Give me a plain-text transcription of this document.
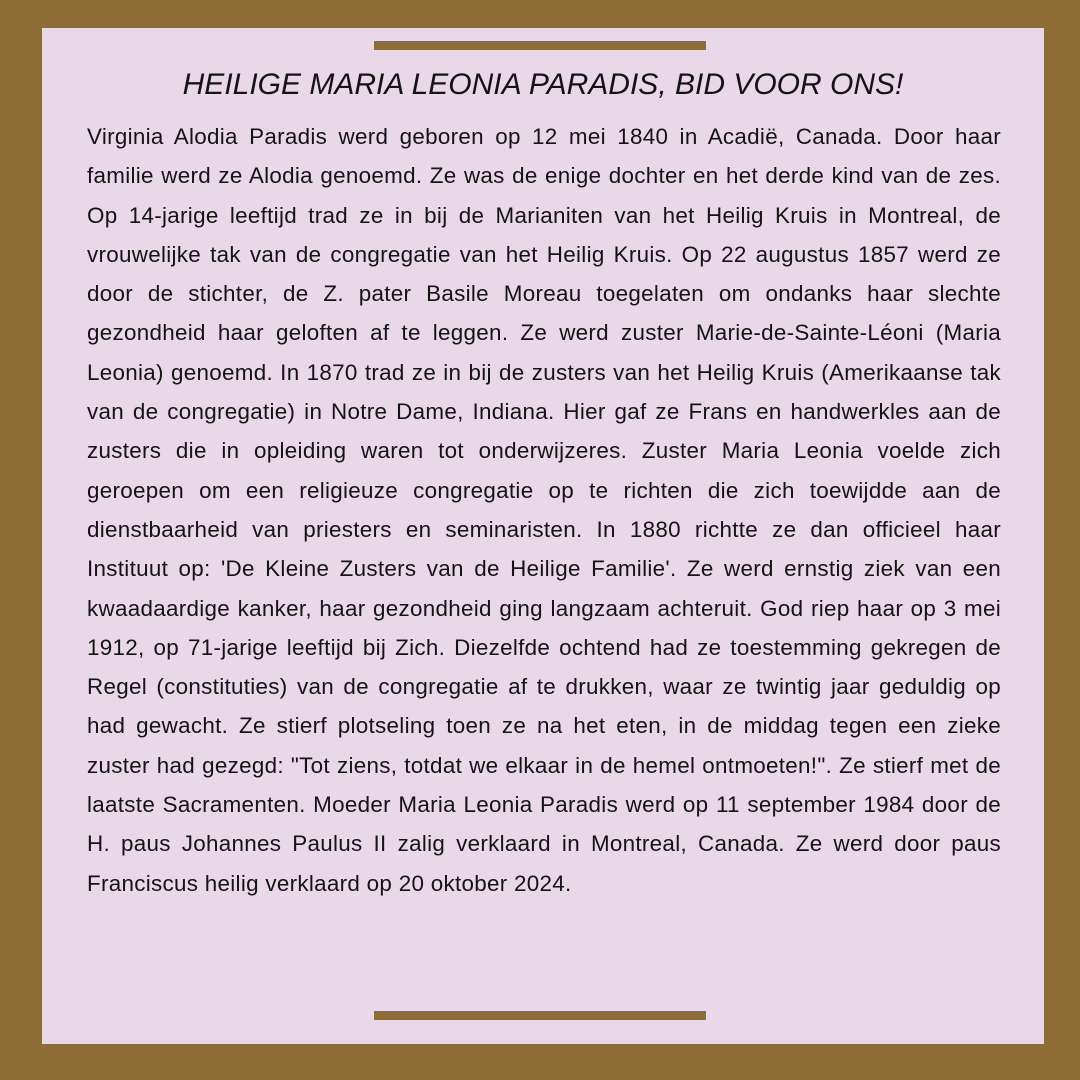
HEILIGE MARIA LEONIA PARADIS, BID VOOR ONS!

Virginia Alodia Paradis werd geboren op 12 mei 1840 in Acadië, Canada. Door haar familie werd ze Alodia genoemd. Ze was de enige dochter en het derde kind van de zes. Op 14-jarige leeftijd trad ze in bij de Marianiten van het Heilig Kruis in Montreal, de vrouwelijke tak van de congregatie van het Heilig Kruis. Op 22 augustus 1857 werd ze door de stichter, de Z. pater Basile Moreau toegelaten om ondanks haar slechte gezondheid haar geloften af te leggen. Ze werd zuster Marie-de-Sainte-Léoni (Maria Leonia) genoemd. In 1870 trad ze in bij de zusters van het Heilig Kruis (Amerikaanse tak van de congregatie) in Notre Dame, Indiana. Hier gaf ze Frans en handwerkles aan de zusters die in opleiding waren tot onderwijzeres. Zuster Maria Leonia voelde zich geroepen om een religieuze congregatie op te richten die zich toewijdde aan de dienstbaarheid van priesters en seminaristen. In 1880 richtte ze dan officieel haar Instituut op: 'De Kleine Zusters van de Heilige Familie'. Ze werd ernstig ziek van een kwaadaardige kanker, haar gezondheid ging langzaam achteruit. God riep haar op 3 mei 1912, op 71-jarige leeftijd bij Zich. Diezelfde ochtend had ze toestemming gekregen de Regel (constituties) van de congregatie af te drukken, waar ze twintig jaar geduldig op had gewacht. Ze stierf plotseling toen ze na het eten, in de middag tegen een zieke zuster had gezegd: "Tot ziens, totdat we elkaar in de hemel ontmoeten!". Ze stierf met de laatste Sacramenten. Moeder Maria Leonia Paradis werd op 11 september 1984 door de H. paus Johannes Paulus II zalig verklaard in Montreal, Canada. Ze werd door paus Franciscus heilig verklaard op 20 oktober 2024.
